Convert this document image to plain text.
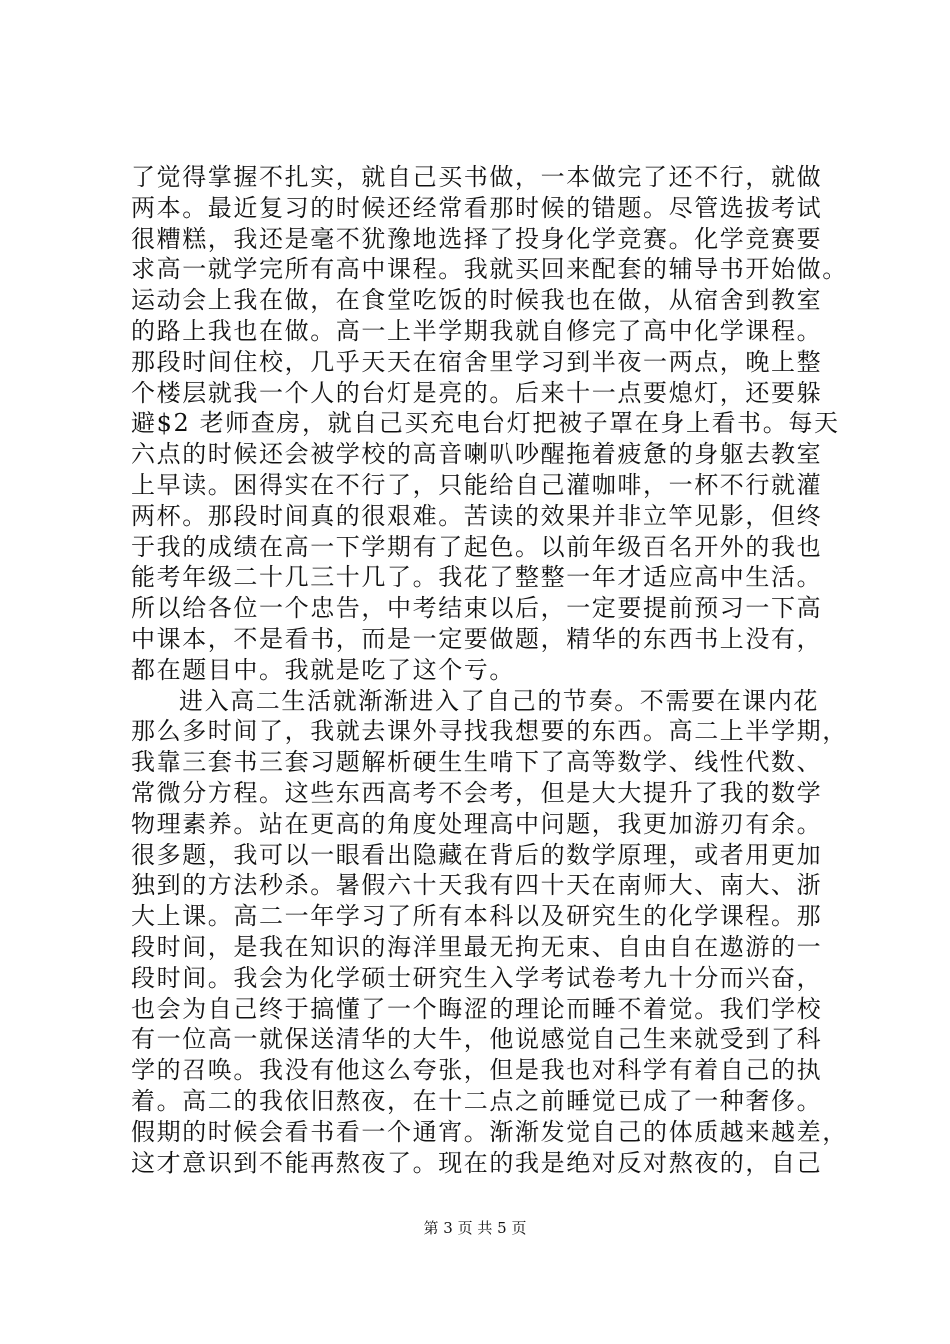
了觉得掌握不扎实，就自己买书做，一本做完了还不行，就做
两本。最近复习的时候还经常看那时候的错题。尽管选拔考试
很糟糕，我还是毫不犹豫地选择了投身化学竞赛。化学竞赛要
求高一就学完所有高中课程。我就买回来配套的辅导书开始做。
运动会上我在做，在食堂吃饭的时候我也在做，从宿舍到教室
的路上我也在做。高一上半学期我就自修完了高中化学课程。
那段时间住校，几乎天天在宿舍里学习到半夜一两点，晚上整
个楼层就我一个人的台灯是亮的。后来十一点要熄灯，还要躲
避$2 老师查房，就自己买充电台灯把被子罩在身上看书。每天
六点的时候还会被学校的高音喇叭吵醒拖着疲惫的身躯去教室
上早读。困得实在不行了，只能给自己灌咖啡，一杯不行就灌
两杯。那段时间真的很艰难。苦读的效果并非立竿见影，但终
于我的成绩在高一下学期有了起色。以前年级百名开外的我也
能考年级二十几三十几了。我花了整整一年才适应高中生活。
所以给各位一个忠告，中考结束以后，一定要提前预习一下高
中课本，不是看书，而是一定要做题，精华的东西书上没有，
都在题目中。我就是吃了这个亏。
进入高二生活就渐渐进入了自己的节奏。不需要在课内花
那么多时间了，我就去课外寻找我想要的东西。高二上半学期，
我靠三套书三套习题解析硬生生啃下了高等数学、线性代数、
常微分方程。这些东西高考不会考，但是大大提升了我的数学
物理素养。站在更高的角度处理高中问题，我更加游刃有余。
很多题，我可以一眼看出隐藏在背后的数学原理，或者用更加
独到的方法秒杀。暑假六十天我有四十天在南师大、南大、浙
大上课。高二一年学习了所有本科以及研究生的化学课程。那
段时间，是我在知识的海洋里最无拘无束、自由自在遨游的一
段时间。我会为化学硕士研究生入学考试卷考九十分而兴奋，
也会为自己终于搞懂了一个晦涩的理论而睡不着觉。我们学校
有一位高一就保送清华的大牛，他说感觉自己生来就受到了科
学的召唤。我没有他这么夸张，但是我也对科学有着自己的执
着。高二的我依旧熬夜，在十二点之前睡觉已成了一种奢侈。
假期的时候会看书看一个通宵。渐渐发觉自己的体质越来越差，
这才意识到不能再熬夜了。现在的我是绝对反对熬夜的，自己
第 3 页 共 5 页
